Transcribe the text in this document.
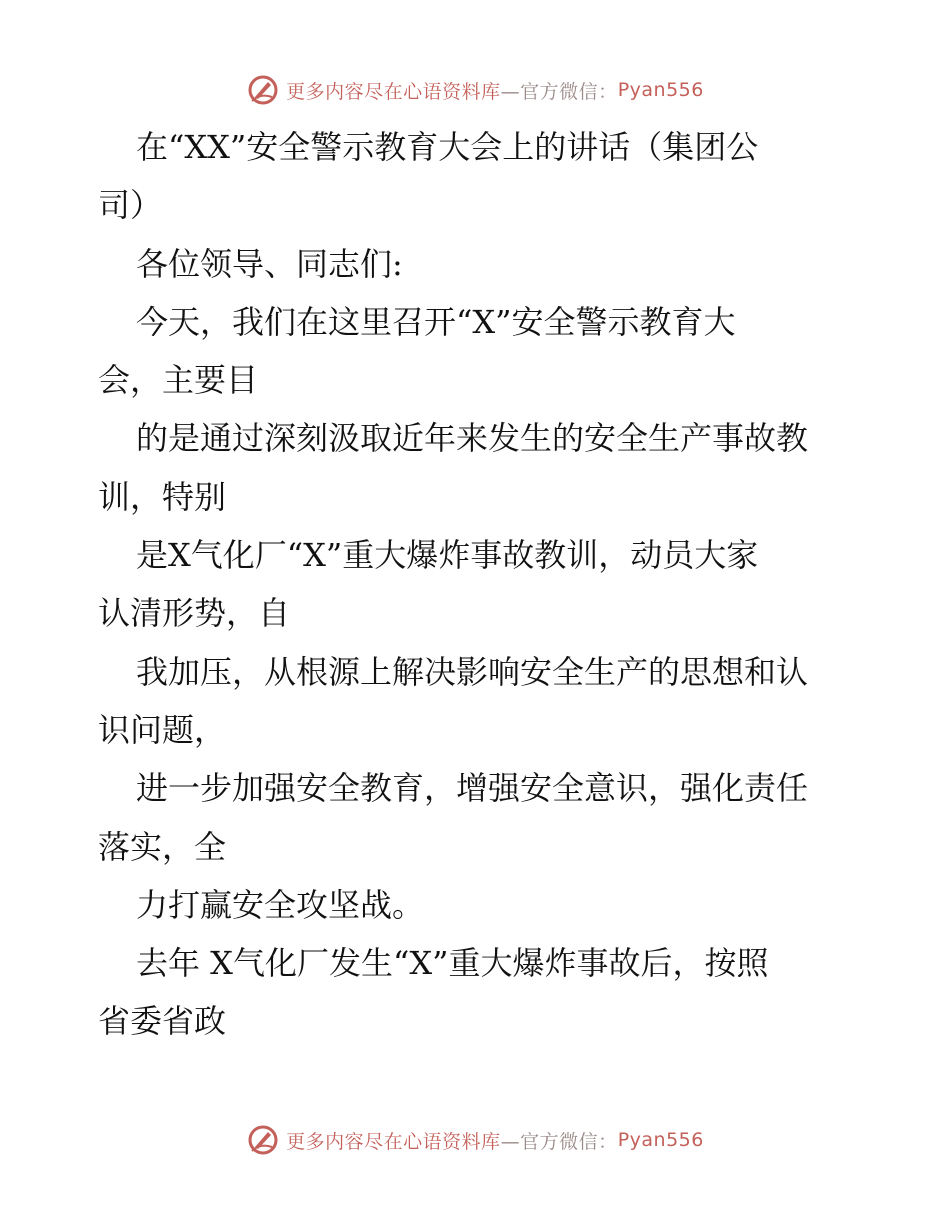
更多内容尽在心语资料库 —官方微信： Pyan556
在“XX”安全警示教育大会上的讲话（集团公
司）
各位领导、同志们:
今天，我们在这里召开“X”安全警示教育大
会，主要目
的是通过深刻汲取近年来发生的安全生产事故教
训，特别
是X气化厂“X”重大爆炸事故教训，动员大家
认清形势，自
我加压，从根源上解决影响安全生产的思想和认
识问题，
进一步加强安全教育，增强安全意识，强化责任
落实，全
力打赢安全攻坚战。
去年 X气化厂发生“X”重大爆炸事故后，按照
省委省政
更多内容尽在心语资料库 —官方微信： Pyan556
